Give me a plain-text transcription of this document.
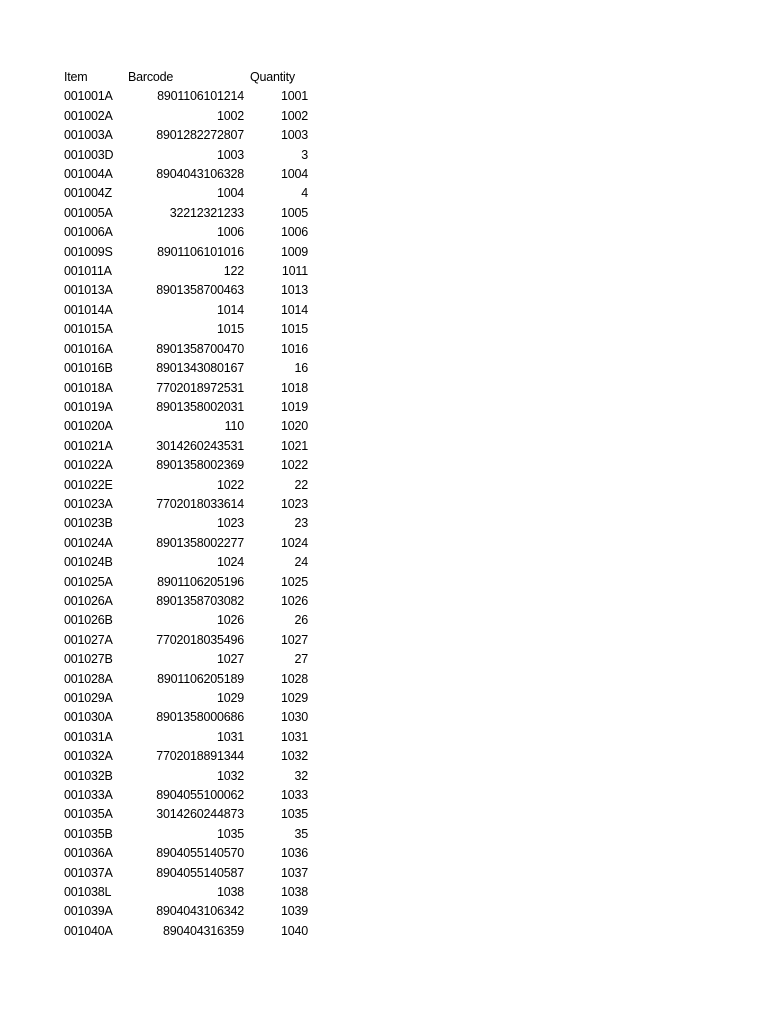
Item	Barcode	Quantity
001001A	8901106101214	1001
001002A	1002	1002
001003A	8901282272807	1003
001003D	1003	3
001004A	8904043106328	1004
001004Z	1004	4
001005A	32212321233	1005
001006A	1006	1006
001009S	8901106101016	1009
001011A	122	1011
001013A	8901358700463	1013
001014A	1014	1014
001015A	1015	1015
001016A	8901358700470	1016
001016B	8901343080167	16
001018A	7702018972531	1018
001019A	8901358002031	1019
001020A	110	1020
001021A	3014260243531	1021
001022A	8901358002369	1022
001022E	1022	22
001023A	7702018033614	1023
001023B	1023	23
001024A	8901358002277	1024
001024B	1024	24
001025A	8901106205196	1025
001026A	8901358703082	1026
001026B	1026	26
001027A	7702018035496	1027
001027B	1027	27
001028A	8901106205189	1028
001029A	1029	1029
001030A	8901358000686	1030
001031A	1031	1031
001032A	7702018891344	1032
001032B	1032	32
001033A	8904055100062	1033
001035A	3014260244873	1035
001035B	1035	35
001036A	8904055140570	1036
001037A	8904055140587	1037
001038L	1038	1038
001039A	8904043106342	1039
001040A	890404316359	1040
